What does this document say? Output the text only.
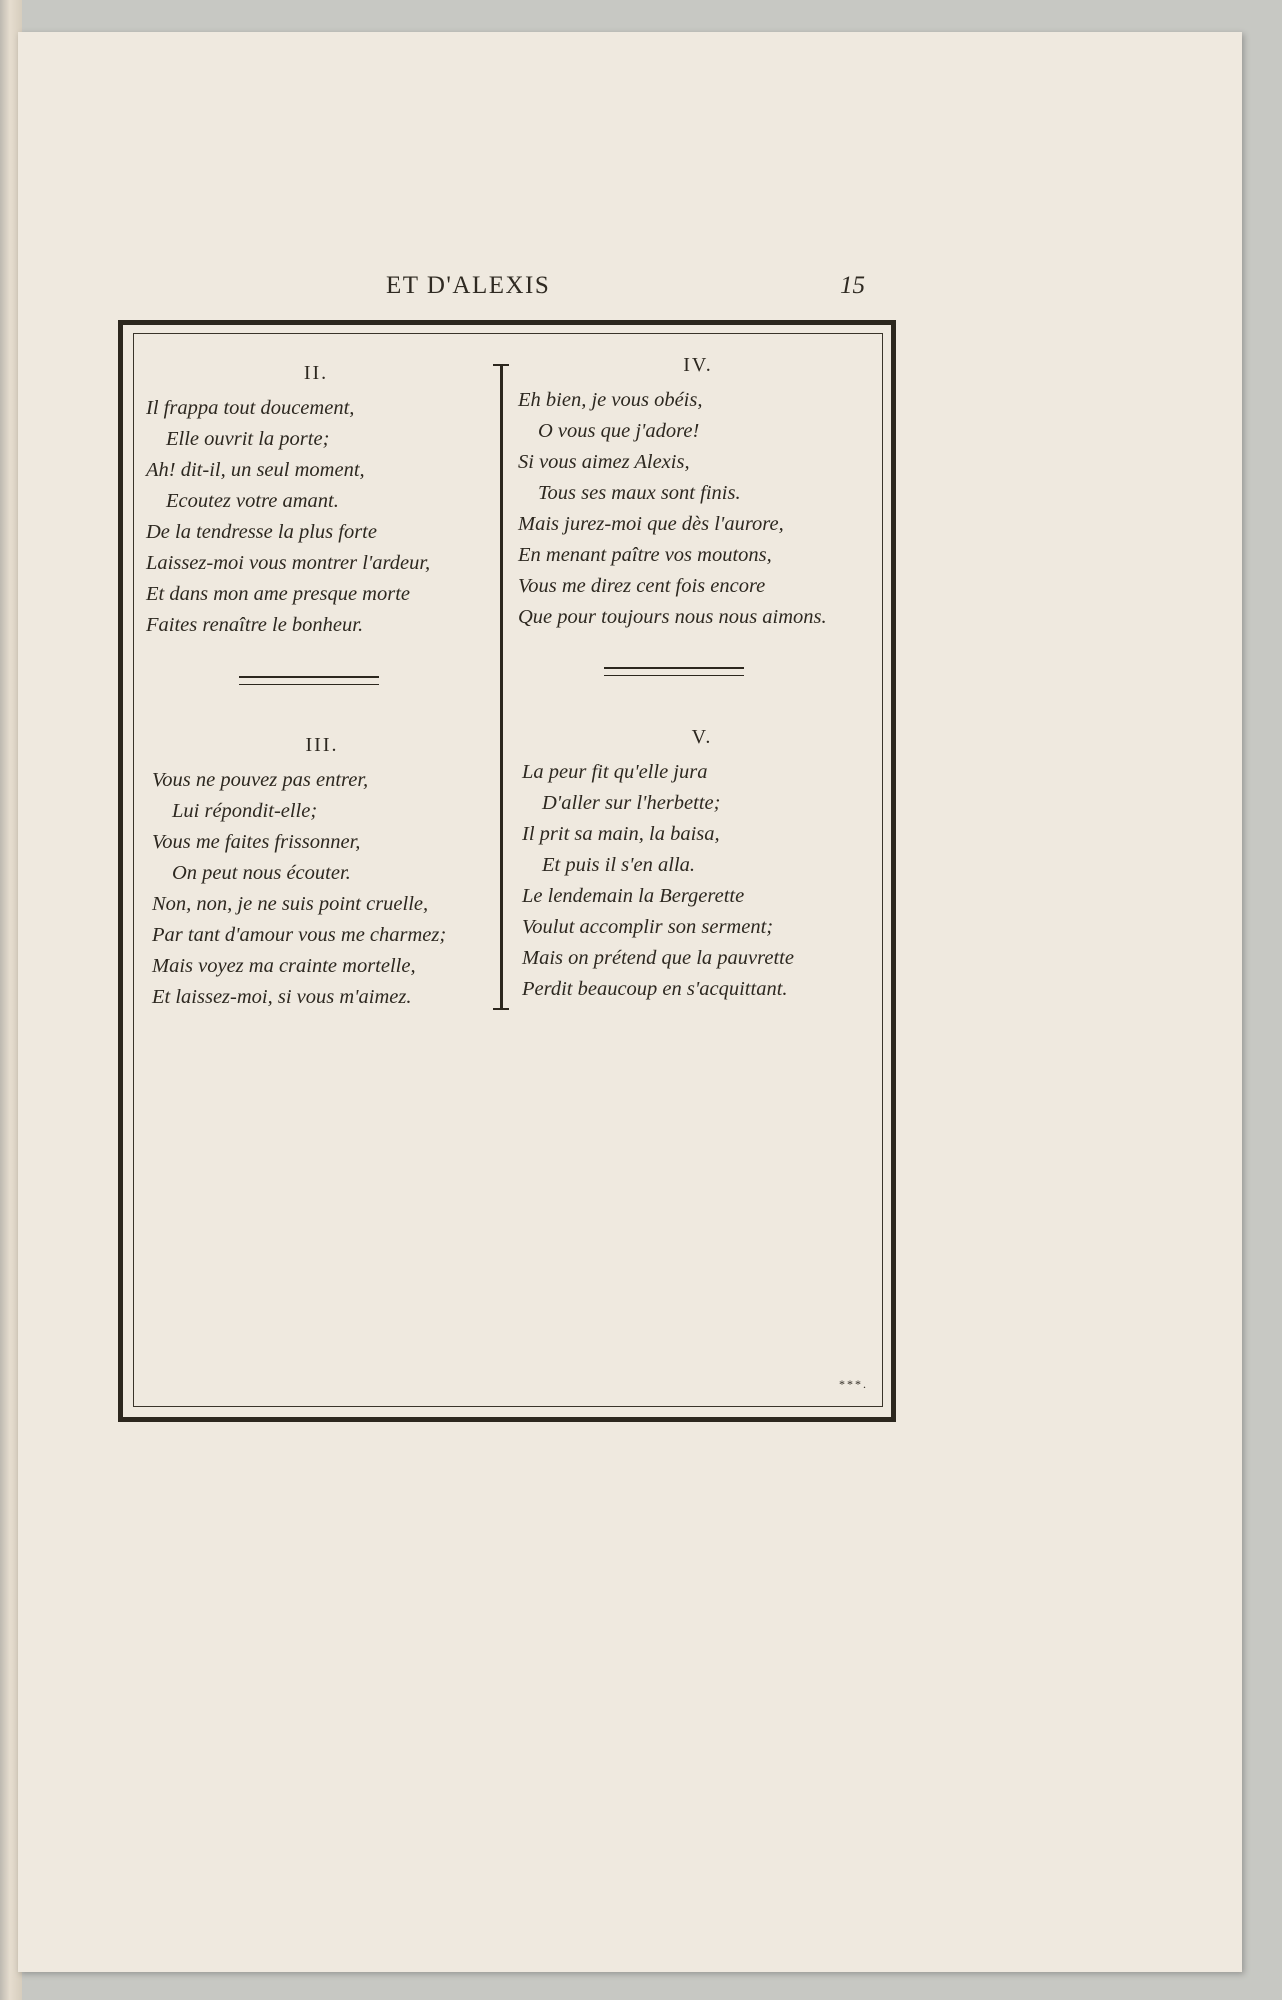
ET D'ALEXIS	15
II.
Il frappa tout doucement,
Elle ouvrit la porte;
Ah! dit-il, un seul moment,
Ecoutez votre amant.
De la tendresse la plus forte
Laissez-moi vous montrer l'ardeur,
Et dans mon ame presque morte
Faites renaître le bonheur.
III.
Vous ne pouvez pas entrer,
Lui répondit-elle;
Vous me faites frissonner,
On peut nous écouter.
Non, non, je ne suis point cruelle,
Par tant d'amour vous me charmez;
Mais voyez ma crainte mortelle,
Et laissez-moi, si vous m'aimez.
IV.
Eh bien, je vous obéis,
O vous que j'adore!
Si vous aimez Alexis,
Tous ses maux sont finis.
Mais jurez-moi que dès l'aurore,
En menant paître vos moutons,
Vous me direz cent fois encore
Que pour toujours nous nous aimons.
V.
La peur fit qu'elle jura
D'aller sur l'herbette;
Il prit sa main, la baisa,
Et puis il s'en alla.
Le lendemain la Bergerette
Voulut accomplir son serment;
Mais on prétend que la pauvrette
Perdit beaucoup en s'acquittant.
***.
